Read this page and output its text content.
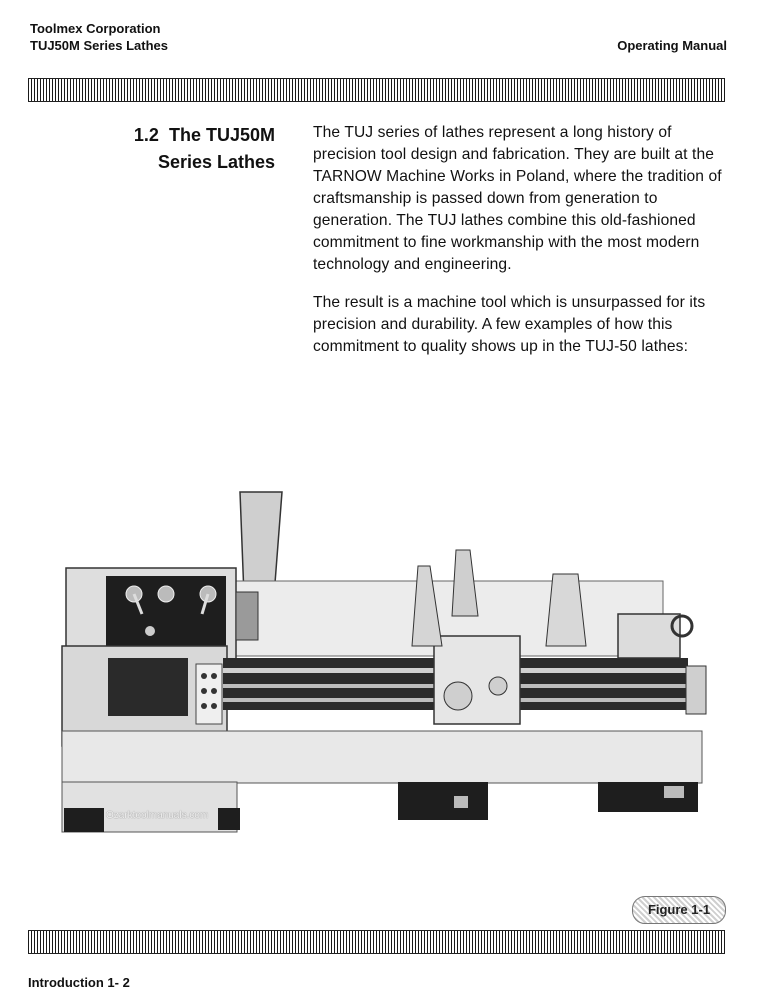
Toolmex Corporation
TUJ50M Series Lathes	Operating Manual
1.2 The TUJ50M
Series Lathes

The TUJ series of lathes represent a long history of precision tool design and fabrication. They are built at the TARNOW Machine Works in Poland, where the tradition of craftsmanship is passed down from generation to generation. The TUJ lathes combine this old-fashioned commitment to fine workmanship with the most modern technology and engineering.

The result is a machine tool which is unsurpassed for its precision and durability. A few examples of how this commitment to quality shows up in the TUJ-50 lathes:

Ozarktoolmanuals.com
Figure 1-1
Introduction 1- 2
